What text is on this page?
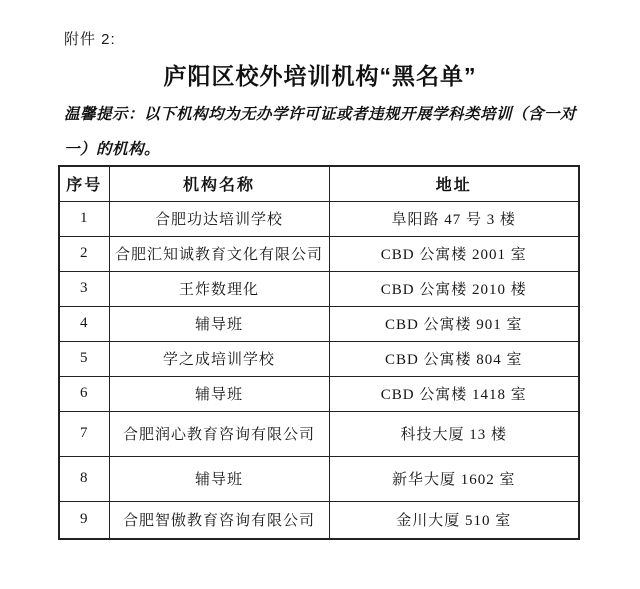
附件 2:
庐阳区校外培训机构“黑名单”
温馨提示：以下机构均为无办学许可证或者违规开展学科类培训（含一对
一）的机构。
序号	机构名称	地址
1	合肥功达培训学校	阜阳路 47 号 3 楼
2	合肥汇知诚教育文化有限公司	CBD 公寓楼 2001 室
3	王炸数理化	CBD 公寓楼 2010 楼
4	辅导班	CBD 公寓楼 901 室
5	学之成培训学校	CBD 公寓楼 804 室
6	辅导班	CBD 公寓楼 1418 室
7	合肥润心教育咨询有限公司	科技大厦 13 楼
8	辅导班	新华大厦 1602 室
9	合肥智傲教育咨询有限公司	金川大厦 510 室
